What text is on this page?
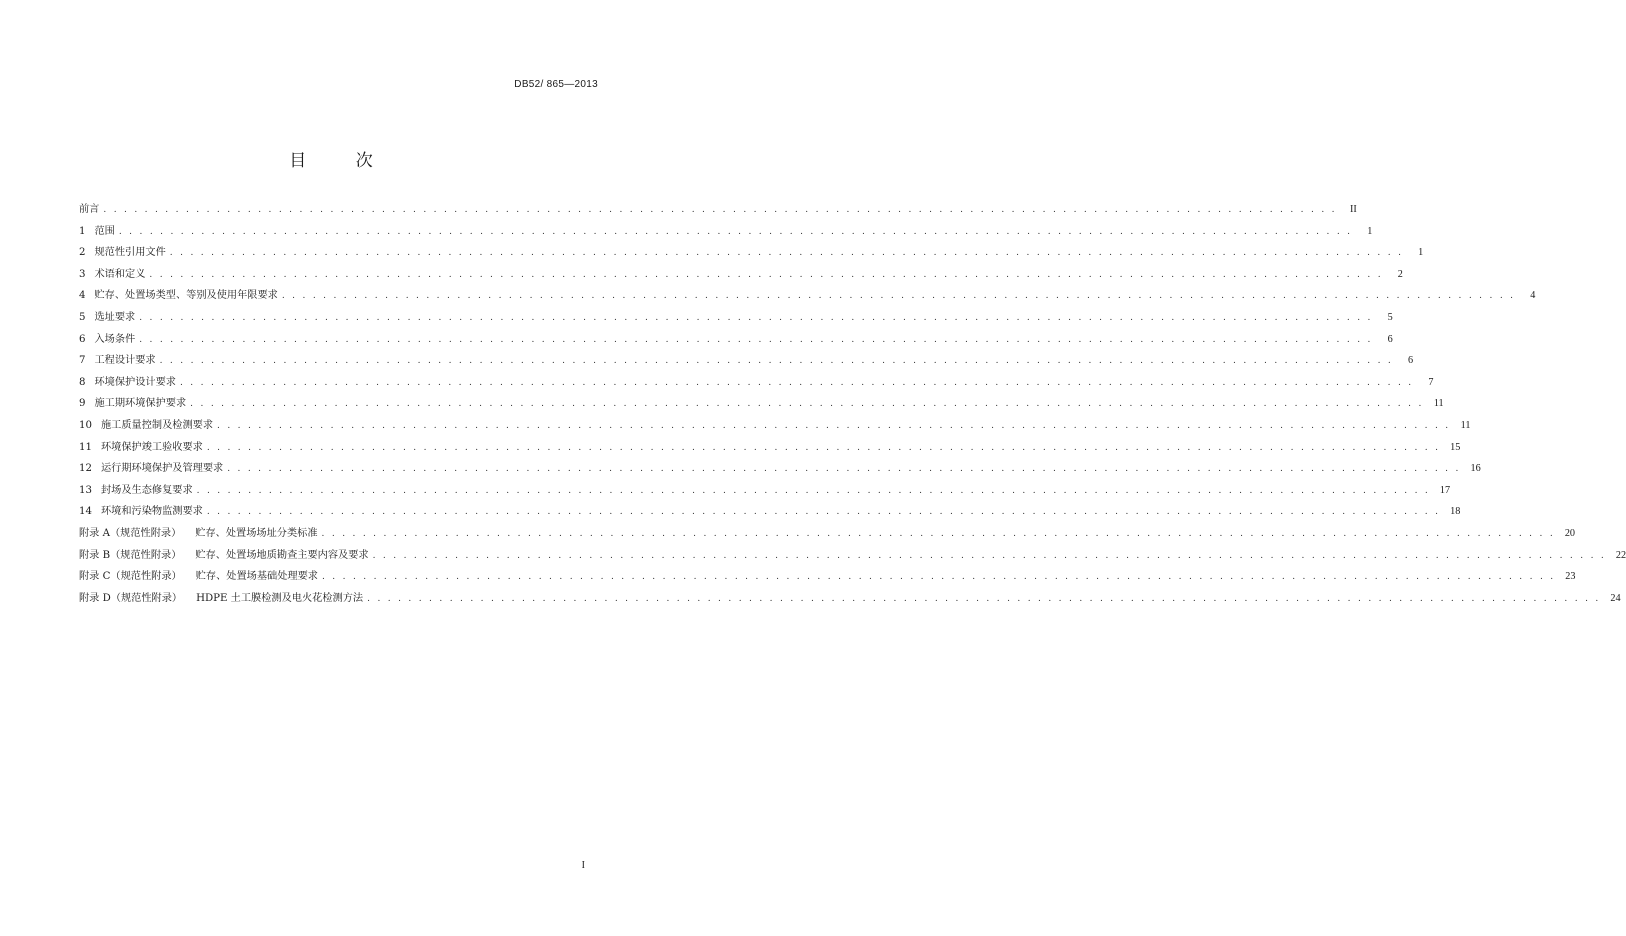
DB52/ 865—2013
目	次
前言 . . . . . . . . . . . . . . . . . . . . . . . . . . . . . . . . . . . . . . . . . . . . . . . . . . . . . . . . . . . . . . . . . . . . . . . . . . . . . . . . . . . . . . . . . . . . . . . . . . . . . . . . . . . . . . . . . . . . . . . .	II
1 范围 . . . . . . . . . . . . . . . . . . . . . . . . . . . . . . . . . . . . . . . . . . . . . . . . . . . . . . . . . . . . . . . . . . . . . . . . . . . . . . . . . . . . . . . . . . . . . . . . . . . . . . . . . . . . . . . . . . . . . . . .	1
2 规范性引用文件 . . . . . . . . . . . . . . . . . . . . . . . . . . . . . . . . . . . . . . . . . . . . . . . . . . . . . . . . . . . . . . . . . . . . . . . . . . . . . . . . . . . . . . . . . . . . . . . . . . . . . . . . . . . . . . . . . . . . . . . .	1
3 术语和定义 . . . . . . . . . . . . . . . . . . . . . . . . . . . . . . . . . . . . . . . . . . . . . . . . . . . . . . . . . . . . . . . . . . . . . . . . . . . . . . . . . . . . . . . . . . . . . . . . . . . . . . . . . . . . . . . . . . . . . . . .	2
4 贮存、处置场类型、等别及使用年限要求 . . . . . . . . . . . . . . . . . . . . . . . . . . . . . . . . . . . . . . . . . . . . . . . . . . . . . . . . . . . . . . . . . . . . . . . . . . . . . . . . . . . . . . . . . . . . . . . . . . . . . . . . . . . . . . . . . . . . . . . .	4
5 选址要求 . . . . . . . . . . . . . . . . . . . . . . . . . . . . . . . . . . . . . . . . . . . . . . . . . . . . . . . . . . . . . . . . . . . . . . . . . . . . . . . . . . . . . . . . . . . . . . . . . . . . . . . . . . . . . . . . . . . . . . . .	5
6 入场条件 . . . . . . . . . . . . . . . . . . . . . . . . . . . . . . . . . . . . . . . . . . . . . . . . . . . . . . . . . . . . . . . . . . . . . . . . . . . . . . . . . . . . . . . . . . . . . . . . . . . . . . . . . . . . . . . . . . . . . . . .	6
7 工程设计要求 . . . . . . . . . . . . . . . . . . . . . . . . . . . . . . . . . . . . . . . . . . . . . . . . . . . . . . . . . . . . . . . . . . . . . . . . . . . . . . . . . . . . . . . . . . . . . . . . . . . . . . . . . . . . . . . . . . . . . . . .	6
8 环境保护设计要求 . . . . . . . . . . . . . . . . . . . . . . . . . . . . . . . . . . . . . . . . . . . . . . . . . . . . . . . . . . . . . . . . . . . . . . . . . . . . . . . . . . . . . . . . . . . . . . . . . . . . . . . . . . . . . . . . . . . . . . . .	7
9 施工期环境保护要求 . . . . . . . . . . . . . . . . . . . . . . . . . . . . . . . . . . . . . . . . . . . . . . . . . . . . . . . . . . . . . . . . . . . . . . . . . . . . . . . . . . . . . . . . . . . . . . . . . . . . . . . . . . . . . . . . . . . . . . . . 11
10 施工质量控制及检测要求 . . . . . . . . . . . . . . . . . . . . . . . . . . . . . . . . . . . . . . . . . . . . . . . . . . . . . . . . . . . . . . . . . . . . . . . . . . . . . . . . . . . . . . . . . . . . . . . . . . . . . . . . . . . . . . . . . . . . . . . . 11
11 环境保护竣工验收要求 . . . . . . . . . . . . . . . . . . . . . . . . . . . . . . . . . . . . . . . . . . . . . . . . . . . . . . . . . . . . . . . . . . . . . . . . . . . . . . . . . . . . . . . . . . . . . . . . . . . . . . . . . . . . . . . . . . . . . . . . 15
12 运行期环境保护及管理要求 . . . . . . . . . . . . . . . . . . . . . . . . . . . . . . . . . . . . . . . . . . . . . . . . . . . . . . . . . . . . . . . . . . . . . . . . . . . . . . . . . . . . . . . . . . . . . . . . . . . . . . . . . . . . . . . . . . . . . . . . 16
13 封场及生态修复要求 . . . . . . . . . . . . . . . . . . . . . . . . . . . . . . . . . . . . . . . . . . . . . . . . . . . . . . . . . . . . . . . . . . . . . . . . . . . . . . . . . . . . . . . . . . . . . . . . . . . . . . . . . . . . . . . . . . . . . . . . 17
14 环境和污染物监测要求 . . . . . . . . . . . . . . . . . . . . . . . . . . . . . . . . . . . . . . . . . . . . . . . . . . . . . . . . . . . . . . . . . . . . . . . . . . . . . . . . . . . . . . . . . . . . . . . . . . . . . . . . . . . . . . . . . . . . . . . . 18
附录 A（规范性附录） 贮存、处置场场址分类标准 . . . . . . . . . . . . . . . . . . . . . . . . . . . . . . . . . . . . . . . . . . . . . . . . . . . . . . . . . . . . . . . . . . . . . . . . . . . . . . . . . . . . . . . . . . . . . . . . . . . . . . . . . . . . . . . . . . . . . . . . 20
附录 B（规范性附录） 贮存、处置场地质勘查主要内容及要求 . . . . . . . . . . . . . . . . . . . . . . . . . . . . . . . . . . . . . . . . . . . . . . . . . . . . . . . . . . . . . . . . . . . . . . . . . . . . . . . . . . . . . . . . . . . . . . . . . . . . . . . . . . . . . . . . . . . . . . . . 22
附录 C（规范性附录） 贮存、处置场基础处理要求 . . . . . . . . . . . . . . . . . . . . . . . . . . . . . . . . . . . . . . . . . . . . . . . . . . . . . . . . . . . . . . . . . . . . . . . . . . . . . . . . . . . . . . . . . . . . . . . . . . . . . . . . . . . . . . . . . . . . . . . . 23
附录 D（规范性附录） HDPE 土工膜检测及电火花检测方法 . . . . . . . . . . . . . . . . . . . . . . . . . . . . . . . . . . . . . . . . . . . . . . . . . . . . . . . . . . . . . . . . . . . . . . . . . . . . . . . . . . . . . . . . . . . . . . . . . . . . . . . . . . . . . . . . . . . . . . . . 24
I
